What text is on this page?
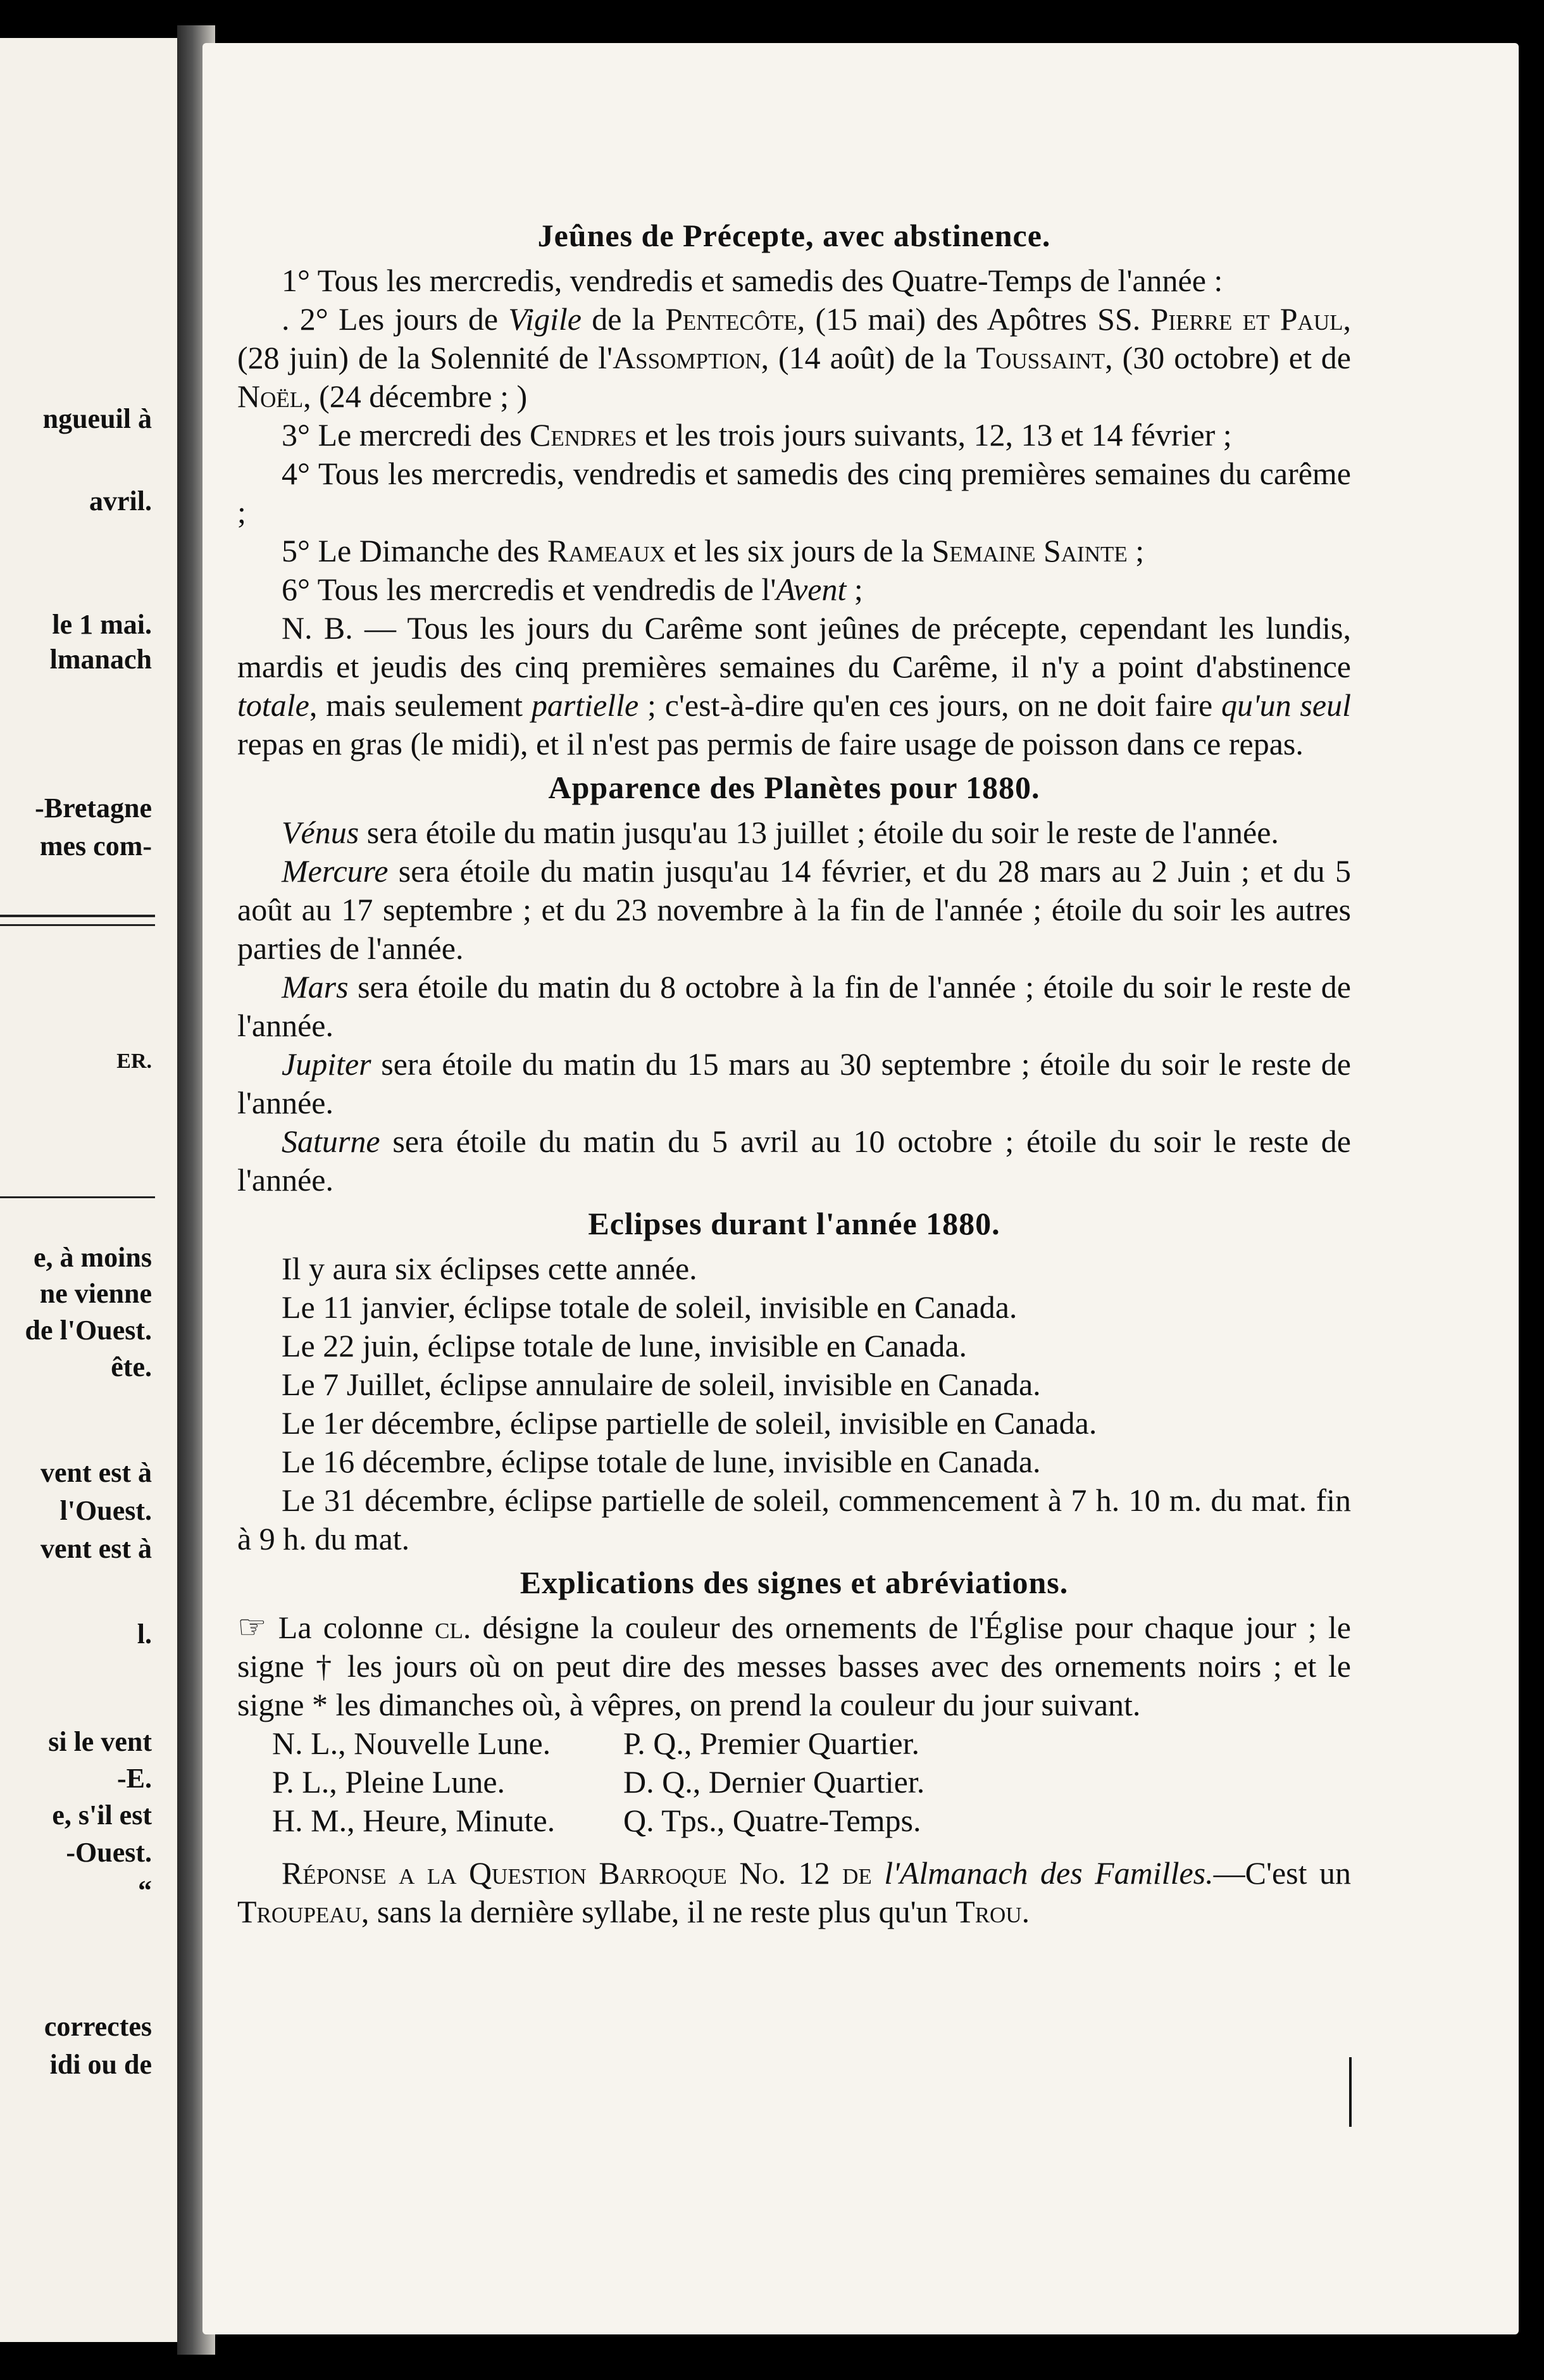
ngueuil à
avril.
le 1 mai.
lmanach
-Bretagne
mes com-
ER.
e, à moins
ne vienne
de l'Ouest.
ête.
vent est à
l'Ouest.
vent est à
l.
si le vent
-E.
e, s'il est
-Ouest.
“
correctes
idi ou de
Jeûnes de Précepte, avec abstinence.

1° Tous les mercredis, vendredis et samedis des Quatre-Temps de l'année :

. 2° Les jours de Vigile de la Pentecôte, (15 mai) des Apôtres SS. Pierre et Paul, (28 juin) de la Solennité de l'Assomption, (14 août) de la Toussaint, (30 octobre) et de Noël, (24 décembre ; )

3° Le mercredi des Cendres et les trois jours suivants, 12, 13 et 14 février ;

4° Tous les mercredis, vendredis et samedis des cinq premières semaines du carême ;

5° Le Dimanche des Rameaux et les six jours de la Semaine Sainte ;

6° Tous les mercredis et vendredis de l'Avent ;

N. B. — Tous les jours du Carême sont jeûnes de précepte, cependant les lundis, mardis et jeudis des cinq premières semaines du Carême, il n'y a point d'abstinence totale, mais seulement partielle ; c'est-à-dire qu'en ces jours, on ne doit faire qu'un seul repas en gras (le midi), et il n'est pas permis de faire usage de poisson dans ce repas.

Apparence des Planètes pour 1880.

Vénus sera étoile du matin jusqu'au 13 juillet ; étoile du soir le reste de l'année.

Mercure sera étoile du matin jusqu'au 14 février, et du 28 mars au 2 Juin ; et du 5 août au 17 septembre ; et du 23 novembre à la fin de l'année ; étoile du soir les autres parties de l'année.

Mars sera étoile du matin du 8 octobre à la fin de l'année ; étoile du soir le reste de l'année.

Jupiter sera étoile du matin du 15 mars au 30 septembre ; étoile du soir le reste de l'année.

Saturne sera étoile du matin du 5 avril au 10 octobre ; étoile du soir le reste de l'année.

Eclipses durant l'année 1880.

Il y aura six éclipses cette année.

Le 11 janvier, éclipse totale de soleil, invisible en Canada.

Le 22 juin, éclipse totale de lune, invisible en Canada.

Le 7 Juillet, éclipse annulaire de soleil, invisible en Canada.

Le 1er décembre, éclipse partielle de soleil, invisible en Canada.

Le 16 décembre, éclipse totale de lune, invisible en Canada.

Le 31 décembre, éclipse partielle de soleil, commencement à 7 h. 10 m. du mat. fin à 9 h. du mat.

Explications des signes et abréviations.

☞ La colonne cl. désigne la couleur des ornements de l'Église pour chaque jour ; le signe † les jours où on peut dire des messes basses avec des ornements noirs ; et le signe * les dimanches où, à vêpres, on prend la couleur du jour suivant.

N. L., Nouvelle Lune.	P. Q., Premier Quartier.
P. L., Pleine Lune.	D. Q., Dernier Quartier.
H. M., Heure, Minute.	Q. Tps., Quatre-Temps.

Réponse a la Question Barroque No. 12 de l'Almanach des Familles.—C'est un Troupeau, sans la dernière syllabe, il ne reste plus qu'un Trou.
